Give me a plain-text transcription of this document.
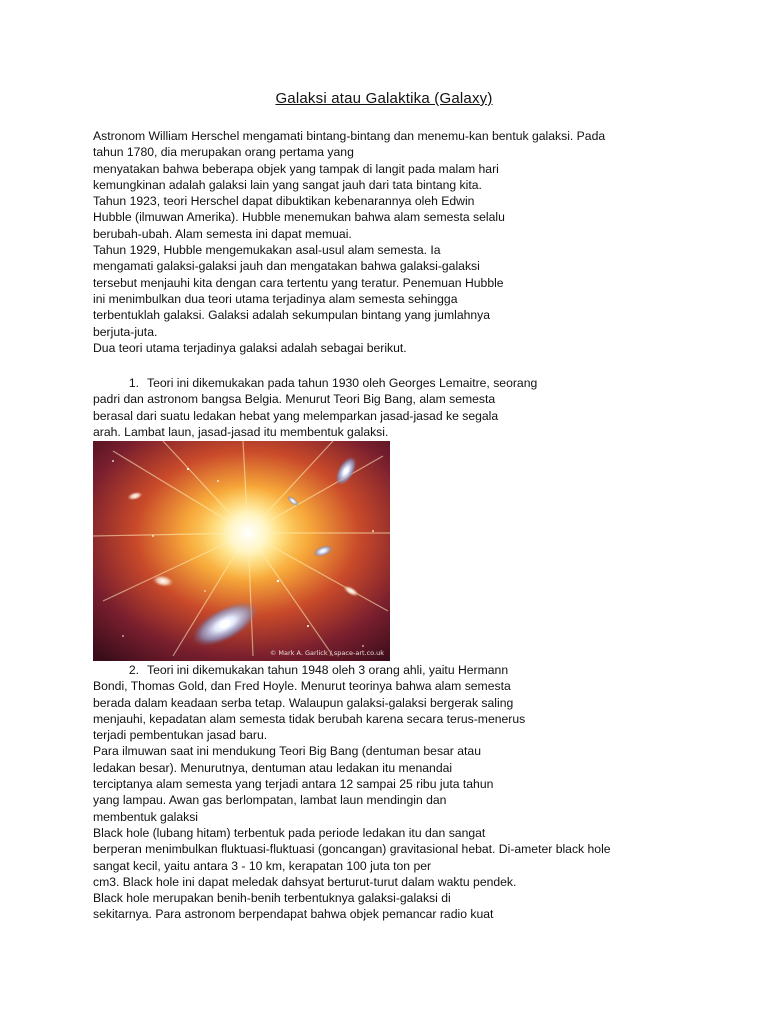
Galaksi atau Galaktika (Galaxy)
Astronom William Herschel mengamati bintang-bintang dan menemu-kan bentuk galaksi. Pada
tahun 1780, dia merupakan orang pertama yang
menyatakan bahwa beberapa objek yang tampak di langit pada malam hari
kemungkinan adalah galaksi lain yang sangat jauh dari tata bintang kita.
Tahun 1923, teori Herschel dapat dibuktikan kebenarannya oleh Edwin
Hubble (ilmuwan Amerika). Hubble menemukan bahwa alam semesta selalu
berubah-ubah. Alam semesta ini dapat memuai.
Tahun 1929, Hubble mengemukakan asal-usul alam semesta. Ia
mengamati galaksi-galaksi jauh dan mengatakan bahwa galaksi-galaksi
tersebut menjauhi kita dengan cara tertentu yang teratur. Penemuan Hubble
ini menimbulkan dua teori utama terjadinya alam semesta sehingga
terbentuklah galaksi. Galaksi adalah sekumpulan bintang yang jumlahnya
berjuta-juta.
Dua teori utama terjadinya galaksi adalah sebagai berikut.
1. Teori ini dikemukakan pada tahun 1930 oleh Georges Lemaitre, seorang
padri dan astronom bangsa Belgia. Menurut Teori Big Bang, alam semesta
berasal dari suatu ledakan hebat yang melemparkan jasad-jasad ke segala
arah. Lambat laun, jasad-jasad itu membentuk galaksi.
© Mark A. Garlick / space-art.co.uk
2. Teori ini dikemukakan tahun 1948 oleh 3 orang ahli, yaitu Hermann
Bondi, Thomas Gold, dan Fred Hoyle. Menurut teorinya bahwa alam semesta
berada dalam keadaan serba tetap. Walaupun galaksi-galaksi bergerak saling
menjauhi, kepadatan alam semesta tidak berubah karena secara terus-menerus
terjadi pembentukan jasad baru.
Para ilmuwan saat ini mendukung Teori Big Bang (dentuman besar atau
ledakan besar). Menurutnya, dentuman atau ledakan itu menandai
terciptanya alam semesta yang terjadi antara 12 sampai 25 ribu juta tahun
yang lampau. Awan gas berlompatan, lambat laun mendingin dan
membentuk galaksi
Black hole (lubang hitam) terbentuk pada periode ledakan itu dan sangat
berperan menimbulkan fluktuasi-fluktuasi (goncangan) gravitasional hebat. Di-ameter black hole
sangat kecil, yaitu antara 3 - 10 km, kerapatan 100 juta ton per
cm3. Black hole ini dapat meledak dahsyat berturut-turut dalam waktu pendek.
Black hole merupakan benih-benih terbentuknya galaksi-galaksi di
sekitarnya. Para astronom berpendapat bahwa objek pemancar radio kuat
